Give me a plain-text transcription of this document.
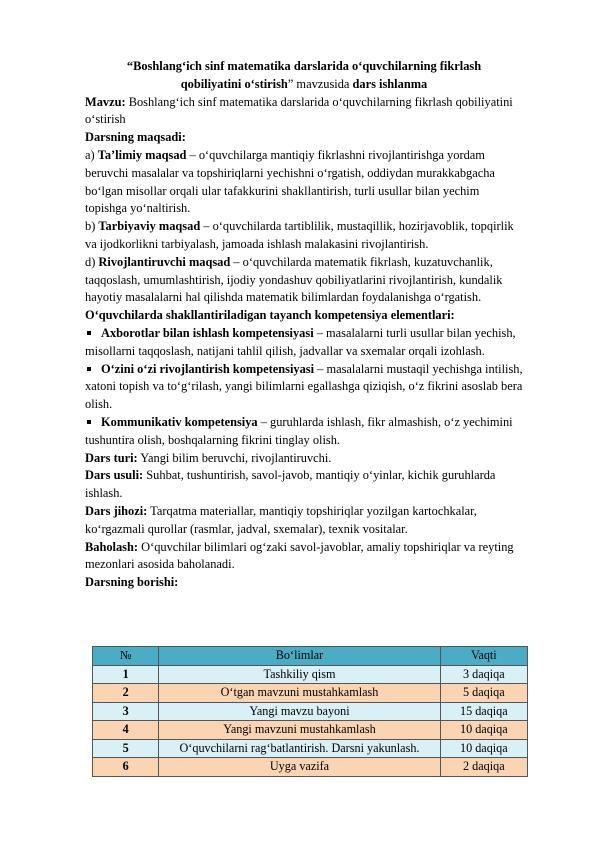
“Boshlang‘ich sinf matematika darslarida o‘quvchilarning fikrlash
qobiliyatini o‘stirish” mavzusida dars ishlanma

Mavzu: Boshlang‘ich sinf matematika darslarida o‘quvchilarning fikrlash qobiliyatini o‘stirish

Darsning maqsadi:

a) Ta’limiy maqsad – o‘quvchilarga mantiqiy fikrlashni rivojlantirishga yordam beruvchi masalalar va topshiriqlarni yechishni o‘rgatish, oddiydan murakkabgacha bo‘lgan misollar orqali ular tafakkurini shakllantirish, turli usullar bilan yechim topishga yo‘naltirish.

b) Tarbiyaviy maqsad – o‘quvchilarda tartiblilik, mustaqillik, hozirjavoblik, topqirlik va ijodkorlikni tarbiyalash, jamoada ishlash malakasini rivojlantirish.

d) Rivojlantiruvchi maqsad – o‘quvchilarda matematik fikrlash, kuzatuvchanlik, taqqoslash, umumlashtirish, ijodiy yondashuv qobiliyatlarini rivojlantirish, kundalik hayotiy masalalarni hal qilishda matematik bilimlardan foydalanishga o‘rgatish.

O‘quvchilarda shakllantiriladigan tayanch kompetensiya elementlari:

Axborotlar bilan ishlash kompetensiyasi – masalalarni turli usullar bilan yechish, misollarni taqqoslash, natijani tahlil qilish, jadvallar va sxemalar orqali izohlash.

O‘zini o‘zi rivojlantirish kompetensiyasi – masalalarni mustaqil yechishga intilish, xatoni topish va to‘g‘rilash, yangi bilimlarni egallashga qiziqish, o‘z fikrini asoslab bera olish.

Kommunikativ kompetensiya – guruhlarda ishlash, fikr almashish, o‘z yechimini tushuntira olish, boshqalarning fikrini tinglay olish.

Dars turi: Yangi bilim beruvchi, rivojlantiruvchi.

Dars usuli: Suhbat, tushuntirish, savol-javob, mantiqiy o‘yinlar, kichik guruhlarda ishlash.

Dars jihozi: Tarqatma materiallar, mantiqiy topshiriqlar yozilgan kartochkalar, ko‘rgazmali qurollar (rasmlar, jadval, sxemalar), texnik vositalar.

Baholash: O‘quvchilar bilimlari og‘zaki savol-javoblar, amaliy topshiriqlar va reyting mezonlari asosida baholanadi.

Darsning borishi:

№	Bo‘limlar	Vaqti
1	Tashkiliy qism	3 daqiqa
2	O‘tgan mavzuni mustahkamlash	5 daqiqa
3	Yangi mavzu bayoni	15 daqiqa
4	Yangi mavzuni mustahkamlash	10 daqiqa
5	O‘quvchilarni rag‘batlantirish. Darsni yakunlash.	10 daqiqa
6	Uyga vazifa	2 daqiqa
